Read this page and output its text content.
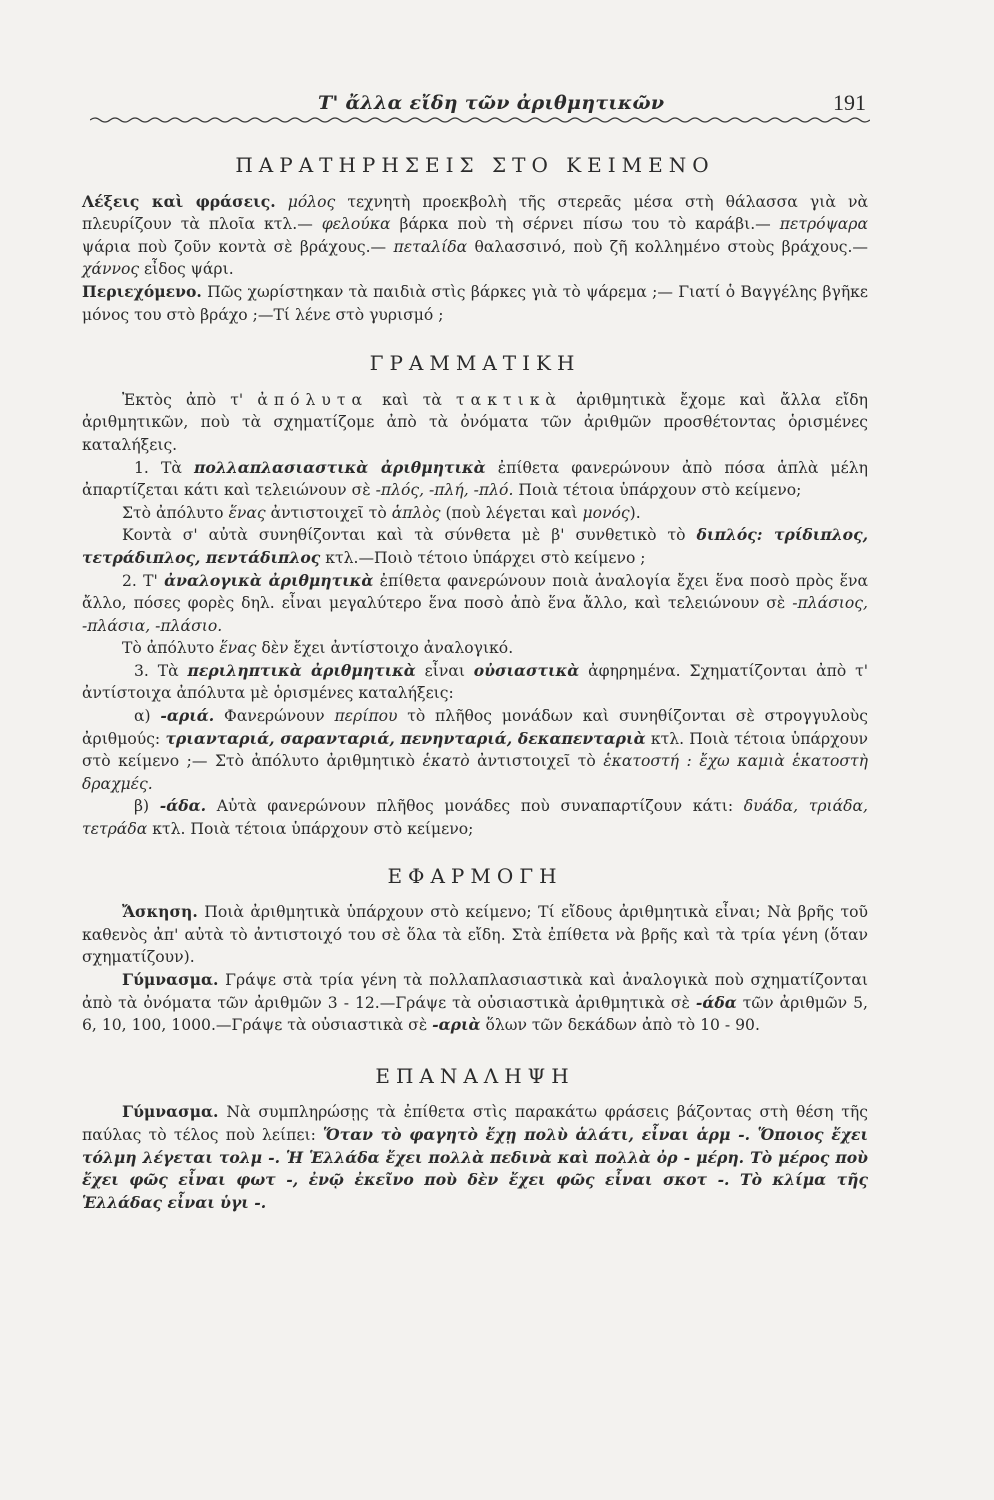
Τ' ἄλλα εἴδη τῶν ἀριθμητικῶν	191
ΠΑΡΑΤΗΡΗΣΕΙΣ ΣΤΟ ΚΕΙΜΕΝΟ

Λέξεις καὶ φράσεις. μόλος τεχνητὴ προεκβολὴ τῆς στερεᾶς μέσα στὴ θάλασσα γιὰ νὰ πλευρίζουν τὰ πλοῖα κτλ.— φελούκα βάρκα ποὺ τὴ σέρνει πίσω του τὸ καράβι.— πετρόψαρα ψάρια ποὺ ζοῦν κοντὰ σὲ βράχους.— πεταλίδα θαλασσινό, ποὺ ζῆ κολλημένο στοὺς βράχους.— χάννος εἶδος ψάρι.

Περιεχόμενο. Πῶς χωρίστηκαν τὰ παιδιὰ στὶς βάρκες γιὰ τὸ ψάρεμα ;— Γιατί ὁ Βαγγέλης βγῆκε μόνος του στὸ βράχο ;—Τί λένε στὸ γυρισμό ;

ΓΡΑΜΜΑΤΙΚΗ

Ἐκτὸς ἀπὸ τ' ἀπόλυτα καὶ τὰ τακτικὰ ἀριθμητικὰ ἔχομε καὶ ἄλλα εἴδη ἀριθμητικῶν, ποὺ τὰ σχηματίζομε ἀπὸ τὰ ὀνόματα τῶν ἀριθμῶν προσθέτοντας ὁρισμένες καταλήξεις.

1. Τὰ πολλαπλασιαστικὰ ἀριθμητικὰ ἐπίθετα φανερώνουν ἀπὸ πόσα ἁπλὰ μέλη ἀπαρτίζεται κάτι καὶ τελειώνουν σὲ -πλός, -πλή, -πλό. Ποιὰ τέτοια ὑπάρχουν στὸ κείμενο;

Στὸ ἀπόλυτο ἕνας ἀντιστοιχεῖ τὸ ἁπλὸς (ποὺ λέγεται καὶ μονός).

Κοντὰ σ' αὐτὰ συνηθίζονται καὶ τὰ σύνθετα μὲ β' συνθετικὸ τὸ διπλός: τρίδιπλος, τετράδιπλος, πεντάδιπλος κτλ.—Ποιὸ τέτοιο ὑπάρχει στὸ κείμενο ;

2. Τ' ἀναλογικὰ ἀριθμητικὰ ἐπίθετα φανερώνουν ποιὰ ἀναλογία ἔχει ἕνα ποσὸ πρὸς ἕνα ἄλλο, πόσες φορὲς δηλ. εἶναι μεγαλύτερο ἕνα ποσὸ ἀπὸ ἕνα ἄλλο, καὶ τελειώνουν σὲ -πλάσιος, -πλάσια, -πλάσιο.

Τὸ ἀπόλυτο ἕνας δὲν ἔχει ἀντίστοιχο ἀναλογικό.

3. Τὰ περιληπτικὰ ἀριθμητικὰ εἶναι οὐσιαστικὰ ἀφηρημένα. Σχηματίζονται ἀπὸ τ' ἀντίστοιχα ἀπόλυτα μὲ ὁρισμένες καταλήξεις:

α) -αριά. Φανερώνουν περίπου τὸ πλῆθος μονάδων καὶ συνηθίζονται σὲ στρογγυλοὺς ἀριθμούς: τριανταριά, σαρανταριά, πενηνταριά, δεκαπενταριὰ κτλ. Ποιὰ τέτοια ὑπάρχουν στὸ κείμενο ;— Στὸ ἀπόλυτο ἀριθμητικὸ ἑκατὸ ἀντιστοιχεῖ τὸ ἑκατοστή : ἔχω καμιὰ ἑκατοστὴ δραχμές.

β) -άδα. Αὐτὰ φανερώνουν πλῆθος μονάδες ποὺ συναπαρτίζουν κάτι: δυάδα, τριάδα, τετράδα κτλ. Ποιὰ τέτοια ὑπάρχουν στὸ κείμενο;

ΕΦΑΡΜΟΓΗ

Ἄσκηση. Ποιὰ ἀριθμητικὰ ὑπάρχουν στὸ κείμενο; Τί εἴδους ἀριθμητικὰ εἶναι; Νὰ βρῆς τοῦ καθενὸς ἀπ' αὐτὰ τὸ ἀντιστοιχό του σὲ ὅλα τὰ εἴδη. Στὰ ἐπίθετα νὰ βρῆς καὶ τὰ τρία γένη (ὅταν σχηματίζουν).

Γύμνασμα. Γράψε στὰ τρία γένη τὰ πολλαπλασιαστικὰ καὶ ἀναλογικὰ ποὺ σχηματίζονται ἀπὸ τὰ ὀνόματα τῶν ἀριθμῶν 3 - 12.—Γράψε τὰ οὐσιαστικὰ ἀριθμητικὰ σὲ -άδα τῶν ἀριθμῶν 5, 6, 10, 100, 1000.—Γράψε τὰ οὐσιαστικὰ σὲ -αριὰ ὅλων τῶν δεκάδων ἀπὸ τὸ 10 - 90.

ΕΠΑΝΑΛΗΨΗ

Γύμνασμα. Νὰ συμπληρώσῃς τὰ ἐπίθετα στὶς παρακάτω φράσεις βάζοντας στὴ θέση τῆς παύλας τὸ τέλος ποὺ λείπει: Ὅταν τὸ φαγητὸ ἔχῃ πολὺ ἁλάτι, εἶναι ἁρμ -. Ὅποιος ἔχει τόλμη λέγεται τολμ -. Ἡ Ἑλλάδα ἔχει πολλὰ πεδινὰ καὶ πολλὰ ὀρ - μέρη. Τὸ μέρος ποὺ ἔχει φῶς εἶναι φωτ -, ἐνῷ ἐκεῖνο ποὺ δὲν ἔχει φῶς εἶναι σκοτ -. Τὸ κλίμα τῆς Ἑλλάδας εἶναι ὑγι -.
